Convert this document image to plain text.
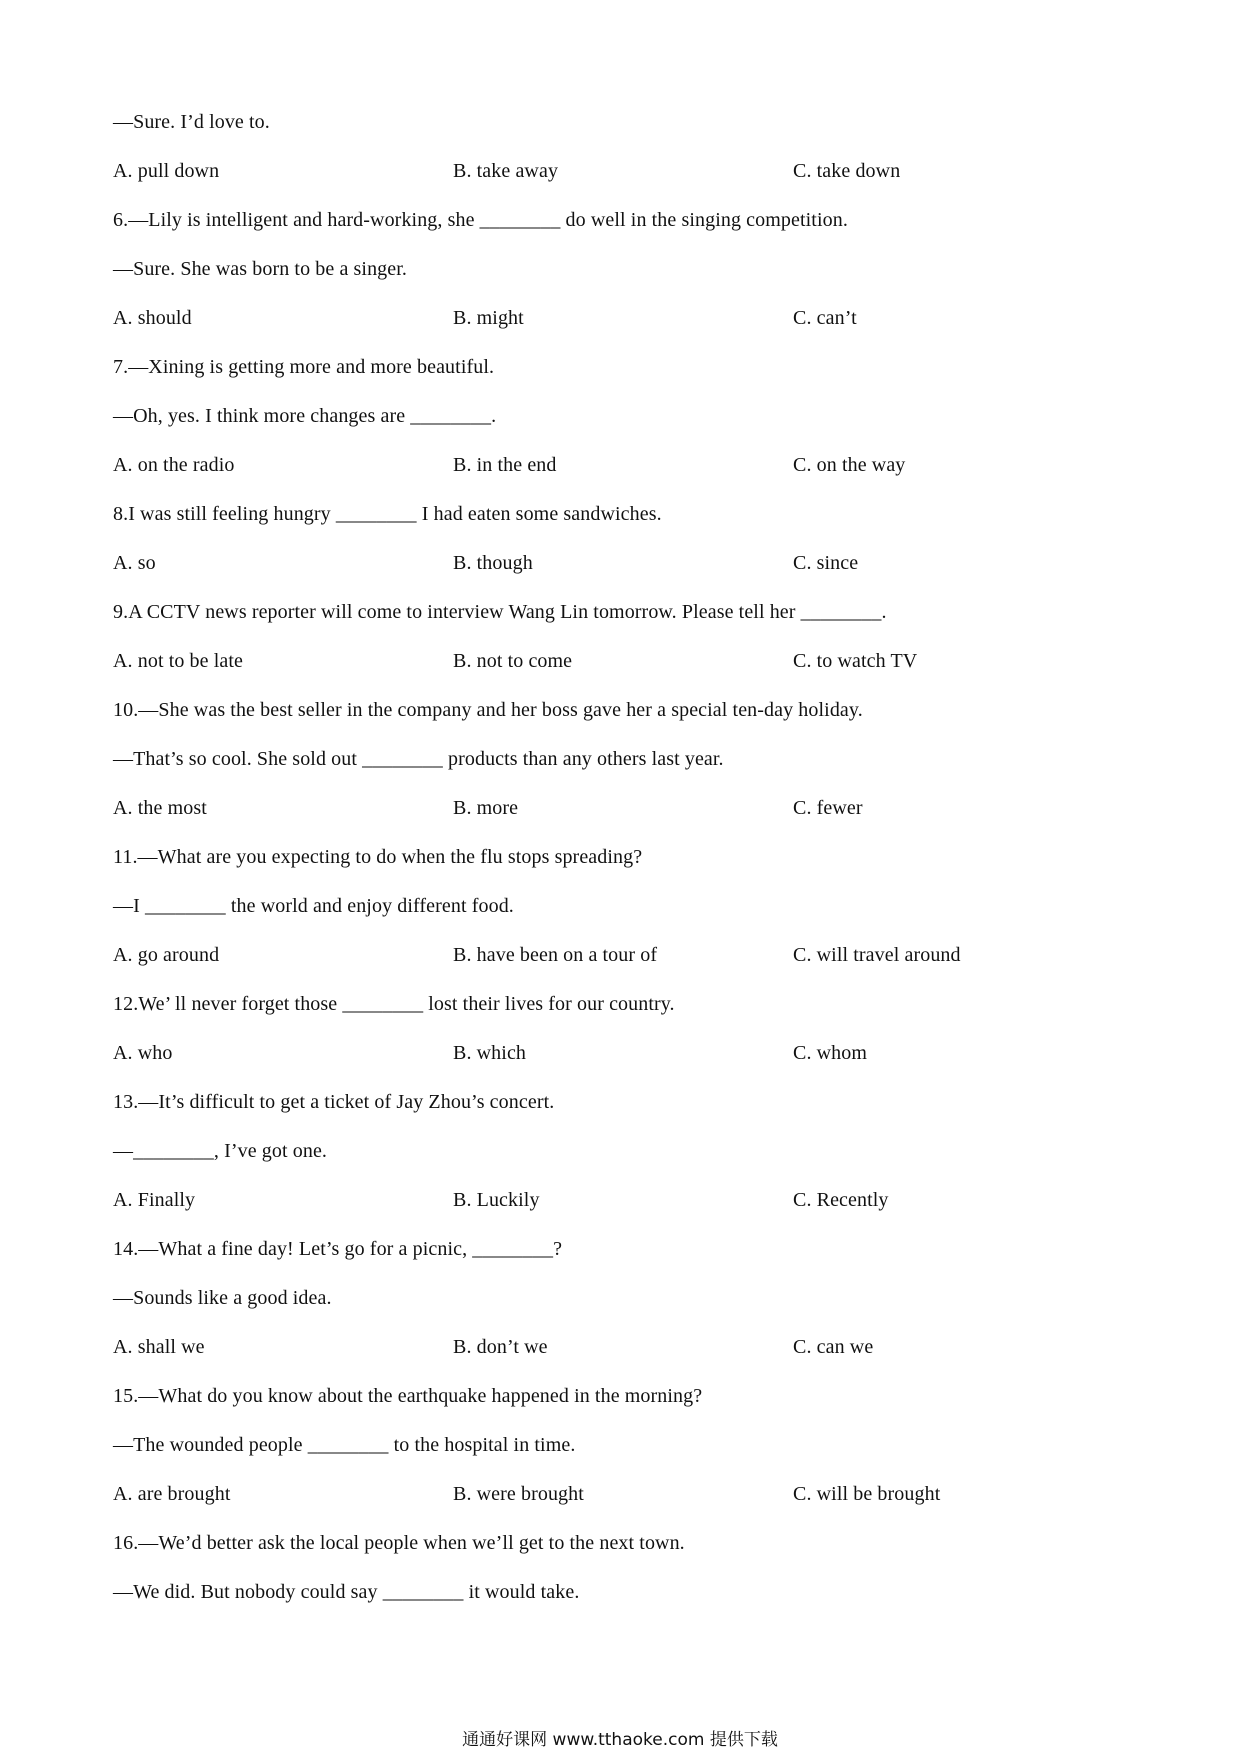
—Sure. I’d love to.
A. pull down	B. take away	C. take down
6.—Lily is intelligent and hard-working, she ________ do well in the singing competition.
—Sure. She was born to be a singer.
A. should	B. might	C. can’t
7.—Xining is getting more and more beautiful.
—Oh, yes. I think more changes are ________.
A. on the radio	B. in the end	C. on the way
8.I was still feeling hungry ________ I had eaten some sandwiches.
A. so	B. though	C. since
9.A CCTV news reporter will come to interview Wang Lin tomorrow. Please tell her ________.
A. not to be late	B. not to come	C. to watch TV
10.—She was the best seller in the company and her boss gave her a special ten-day holiday.
—That’s so cool. She sold out ________ products than any others last year.
A. the most	B. more	C. fewer
11.—What are you expecting to do when the flu stops spreading?
—I ________ the world and enjoy different food.
A. go around	B. have been on a tour of	C. will travel around
12.We’ ll never forget those ________ lost their lives for our country.
A. who	B. which	C. whom
13.—It’s difficult to get a ticket of Jay Zhou’s concert.
—________, I’ve got one.
A. Finally	B. Luckily	C. Recently
14.—What a fine day! Let’s go for a picnic, ________?
—Sounds like a good idea.
A. shall we	B. don’t we	C. can we
15.—What do you know about the earthquake happened in the morning?
—The wounded people ________ to the hospital in time.
A. are brought	B. were brought	C. will be brought
16.—We’d better ask the local people when we’ll get to the next town.
—We did. But nobody could say ________ it would take.
通通好课网 www.tthaoke.com 提供下载
